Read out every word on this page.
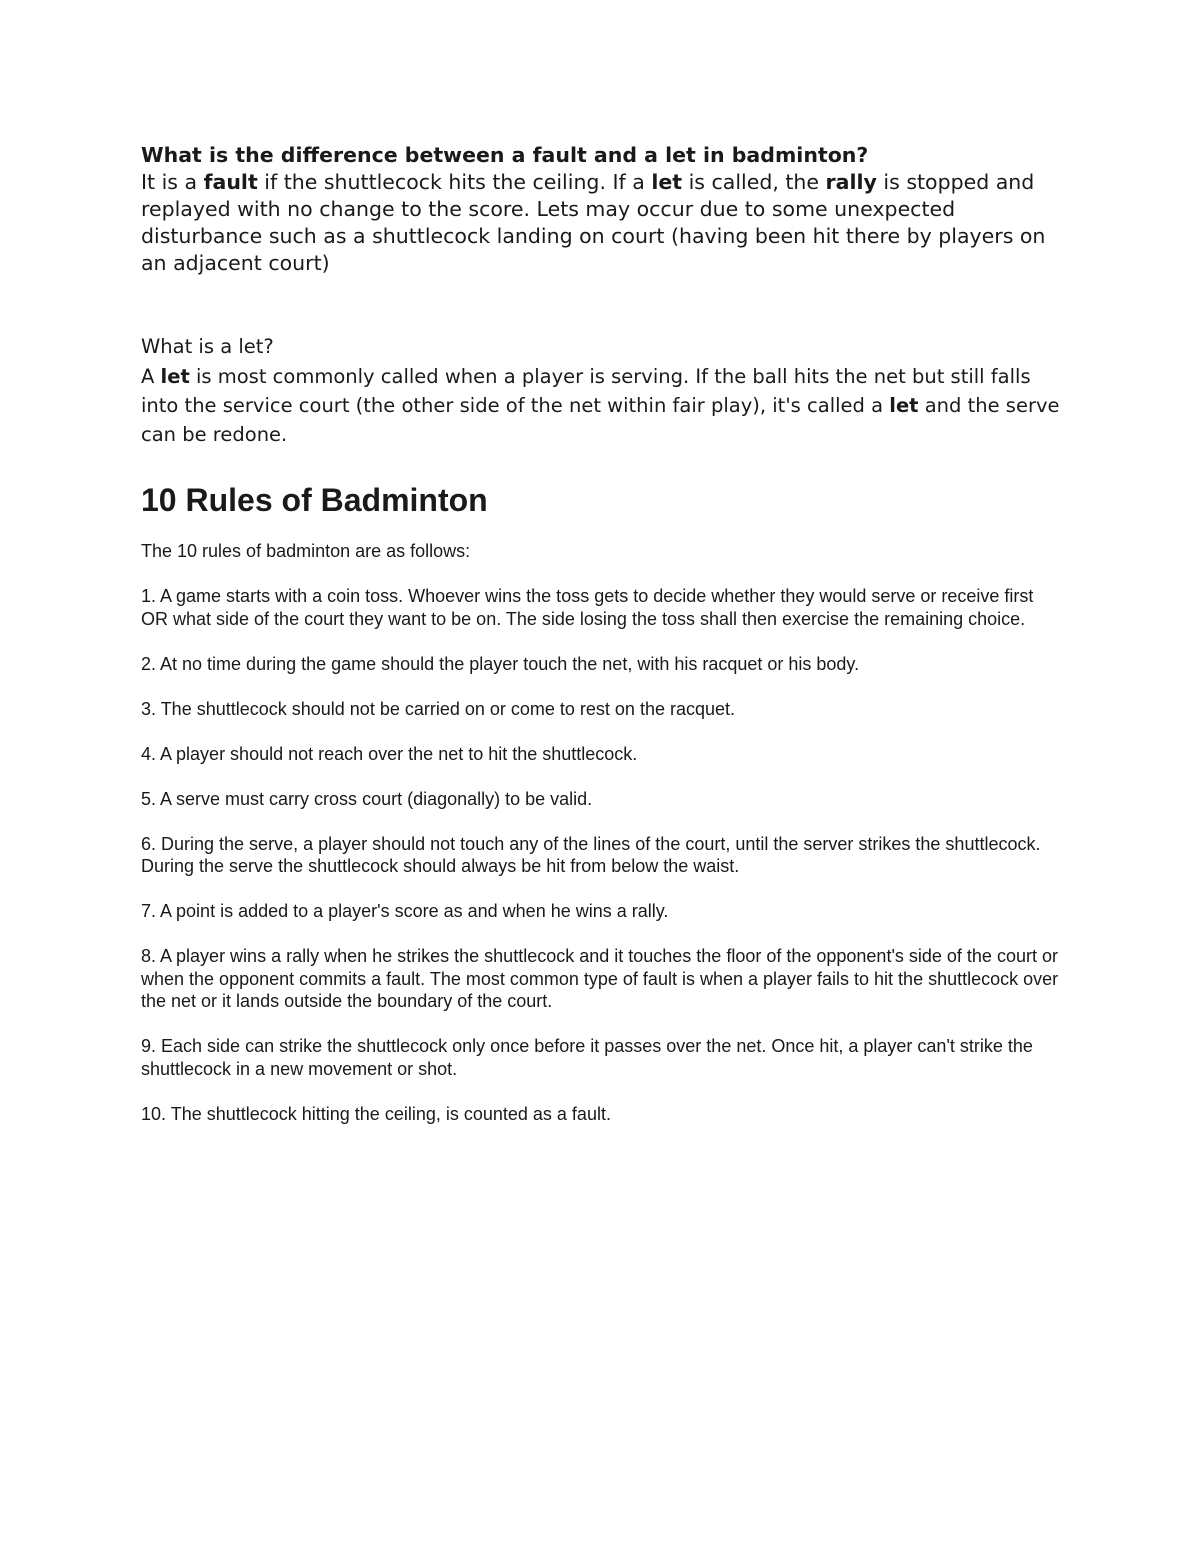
What is the difference between a fault and a let in badminton?
It is a fault if the shuttlecock hits the ceiling. If a let is called, the rally is stopped and replayed with no change to the score. Lets may occur due to some unexpected disturbance such as a shuttlecock landing on court (having been hit there by players on an adjacent court)
What is a let?
A let is most commonly called when a player is serving. If the ball hits the net but still falls into the service court (the other side of the net within fair play), it's called a let and the serve can be redone.
10 Rules of Badminton

The 10 rules of badminton are as follows:

1. A game starts with a coin toss. Whoever wins the toss gets to decide whether they would serve or receive first OR what side of the court they want to be on. The side losing the toss shall then exercise the remaining choice.

2. At no time during the game should the player touch the net, with his racquet or his body.

3. The shuttlecock should not be carried on or come to rest on the racquet.

4. A player should not reach over the net to hit the shuttlecock.

5. A serve must carry cross court (diagonally) to be valid.

6. During the serve, a player should not touch any of the lines of the court, until the server strikes the shuttlecock. During the serve the shuttlecock should always be hit from below the waist.

7. A point is added to a player's score as and when he wins a rally.

8. A player wins a rally when he strikes the shuttlecock and it touches the floor of the opponent's side of the court or when the opponent commits a fault. The most common type of fault is when a player fails to hit the shuttlecock over the net or it lands outside the boundary of the court.

9. Each side can strike the shuttlecock only once before it passes over the net. Once hit, a player can't strike the shuttlecock in a new movement or shot.

10. The shuttlecock hitting the ceiling, is counted as a fault.
